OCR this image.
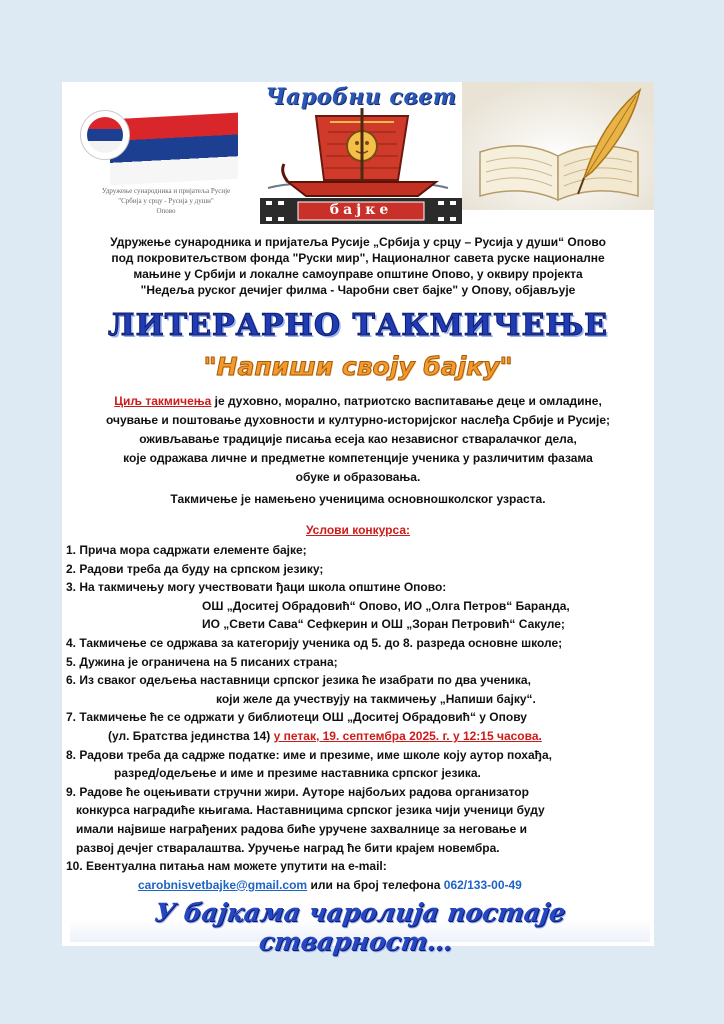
Удружење сународника и пријатеља Русије
"Србија у срцу - Русија у души"
Опово
Чаробни свет
бајке
Удружење сународника и пријатеља Русије „Србија у срцу – Русија у души“ Опово
под покровитељством фонда "Руски мир", Националног савета руске националне
мањине у Србији и локалне самоуправе општине Опово, у оквиру пројекта
"Недеља руског дечијег филма - Чаробни свет бајке" у Опову, објављује
ЛИТЕРАРНО ТАКМИЧЕЊЕ
"Напиши своју бајку"
Циљ такмичења је духовно, морално, патриотско васпитавање деце и омладине,
очување и поштовање духовности и културно-историјског наслеђа Србије и Русије;
оживљавање традиције писања есеја као независног стваралачког дела,
које одражава личне и предметне компетенције ученика у различитим фазама
обуке и образовања.
Такмичење је намењено ученицима основношколског узраста.
Услови конкурса:
1. Прича мора садржати елементе бајке;
2. Радови треба да буду на српском језику;
3. На такмичењу могу учествовати ђаци школа општине Опово:
ОШ „Доситеј Обрадовић“ Опово, ИО „Олга Петров“ Баранда,
ИО „Свети Сава“ Сефкерин и ОШ „Зоран Петровић“ Сакуле;
4. Такмичење се одржава за категорију ученика од 5. до 8. разреда основне школе;
5. Дужина је ограничена на 5 писаних страна;
6. Из сваког одељења наставници српског језика ће изабрати по два ученика,
који желе да учествују на такмичењу „Напиши бајку“.
7. Такмичење ће се одржати у библиотеци ОШ „Доситеј Обрадовић“ у Опову
(ул. Братства јединства 14) у петак, 19. септембра 2025. г. у 12:15 часова.
8. Радови треба да садрже податке: име и презиме, име школе коју аутор похађа,
разред/одељење и име и презиме наставника српског језика.
9. Радове ће оцењивати стручни жири. Ауторе најбољих радова организатор
конкурса наградиће књигама. Наставницима српског језика чији ученици буду
имали највише награђених радова биће уручене захвалнице за неговање и
развој дечјег стваралаштва. Уручење наград ће бити крајем новембра.
10. Евентуална питања нам можете упутити на e-mail:
carobnisvetbajke@gmail.com или на број телефона 062/133-00-49
У бајкама чаролија постаје стварност…
